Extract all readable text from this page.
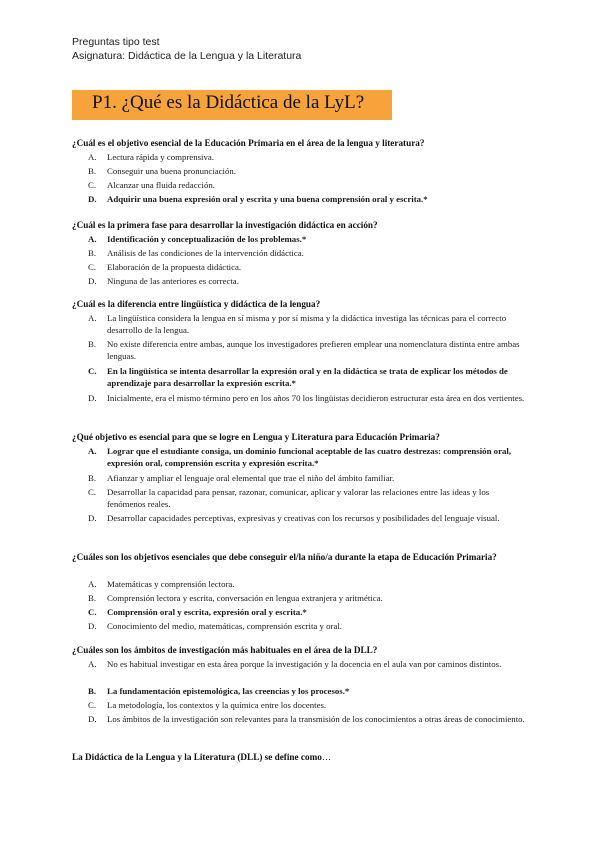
Preguntas tipo test
Asignatura: Didáctica de la Lengua y la Literatura
P1. ¿Qué es la Didáctica de la LyL?
¿Cuál es el objetivo esencial de la Educación Primaria en el área de la lengua y literatura?
A.	Lectura rápida y comprensiva.
B.	Conseguir una buena pronunciación.
C.	Alcanzar una fluida redacción.
D.	Adquirir una buena expresión oral y escrita y una buena comprensión oral y escrita.*
¿Cuál es la primera fase para desarrollar la investigación didáctica en acción?
A.	Identificación y conceptualización de los problemas.*
B.	Análisis de las condiciones de la intervención didáctica.
C.	Elaboración de la propuesta didáctica.
D.	Ninguna de las anteriores es correcta.
¿Cuál es la diferencia entre lingüística y didáctica de la lengua?
A.	La lingüística considera la lengua en sí misma y por sí misma y la didáctica investiga las técnicas para el correcto desarrollo de la lengua.
B.	No existe diferencia entre ambas, aunque los investigadores prefieren emplear una nomenclatura distinta entre ambas lenguas.
C.	En la lingüística se intenta desarrollar la expresión oral y en la didáctica se trata de explicar los métodos de aprendizaje para desarrollar la expresión escrita.*
D.	Inicialmente, era el mismo término pero en los años 70 los lingüistas decidieron estructurar esta área en dos vertientes.
¿Qué objetivo es esencial para que se logre en Lengua y Literatura para Educación Primaria?
A.	Lograr que el estudiante consiga, un dominio funcional aceptable de las cuatro destrezas: comprensión oral, expresión oral, comprensión escrita y expresión escrita.*
B.	Afianzar y ampliar el lenguaje oral elemental que trae el niño del ámbito familiar.
C.	Desarrollar la capacidad para pensar, razonar, comunicar, aplicar y valorar las relaciones entre las ideas y los fenómenos reales.
D.	Desarrollar capacidades perceptivas, expresivas y creativas con los recursos y posibilidades del lenguaje visual.
¿Cuáles son los objetivos esenciales que debe conseguir el/la niño/a durante la etapa de Educación Primaria?
A.	Matemáticas y comprensión lectora.
B.	Comprensión lectora y escrita, conversación en lengua extranjera y aritmética.
C.	Comprensión oral y escrita, expresión oral y escrita.*
D.	Conocimiento del medio, matemáticas, comprensión escrita y oral.
¿Cuáles son los ámbitos de investigación más habituales en el área de la DLL?
A.	No es habitual investigar en esta área porque la investigación y la docencia en el aula van por caminos distintos.
B.	La fundamentación epistemológica, las creencias y los procesos.*
C.	La metodología, los contextos y la química entre los docentes.
D.	Los ámbitos de la investigación son relevantes para la transmisión de los conocimientos a otras áreas de conocimiento.
La Didáctica de la Lengua y la Literatura (DLL) se define como…
